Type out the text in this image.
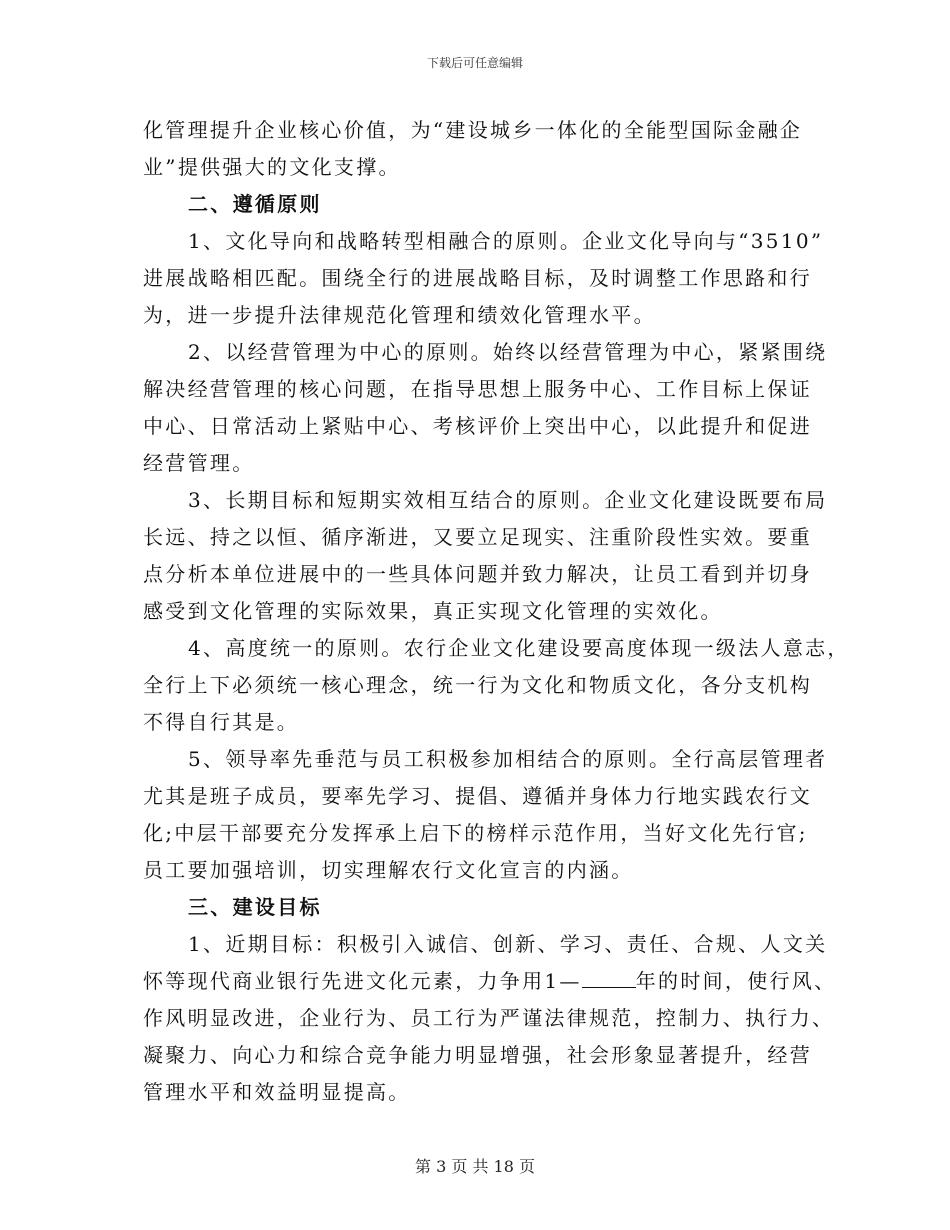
下载后可任意编辑
化管理提升企业核心价值，为“建设城乡一体化的全能型国际金融企
业”提供强大的文化支撑。
二、遵循原则
1、文化导向和战略转型相融合的原则。企业文化导向与“3510”
进展战略相匹配。围绕全行的进展战略目标，及时调整工作思路和行
为，进一步提升法律规范化管理和绩效化管理水平。
2、以经营管理为中心的原则。始终以经营管理为中心，紧紧围绕
解决经营管理的核心问题，在指导思想上服务中心、工作目标上保证
中心、日常活动上紧贴中心、考核评价上突出中心，以此提升和促进
经营管理。
3、长期目标和短期实效相互结合的原则。企业文化建设既要布局
长远、持之以恒、循序渐进，又要立足现实、注重阶段性实效。要重
点分析本单位进展中的一些具体问题并致力解决，让员工看到并切身
感受到文化管理的实际效果，真正实现文化管理的实效化。
4、高度统一的原则。农行企业文化建设要高度体现一级法人意志，
全行上下必须统一核心理念，统一行为文化和物质文化，各分支机构
不得自行其是。
5、领导率先垂范与员工积极参加相结合的原则。全行高层管理者
尤其是班子成员，要率先学习、提倡、遵循并身体力行地实践农行文
化;中层干部要充分发挥承上启下的榜样示范作用，当好文化先行官;
员工要加强培训，切实理解农行文化宣言的内涵。
三、建设目标
1、近期目标：积极引入诚信、创新、学习、责任、合规、人文关
怀等现代商业银行先进文化元素，力争用1—	年的时间，使行风、
作风明显改进，企业行为、员工行为严谨法律规范，控制力、执行力、
凝聚力、向心力和综合竞争能力明显增强，社会形象显著提升，经营
管理水平和效益明显提高。
第 3 页 共 18 页
